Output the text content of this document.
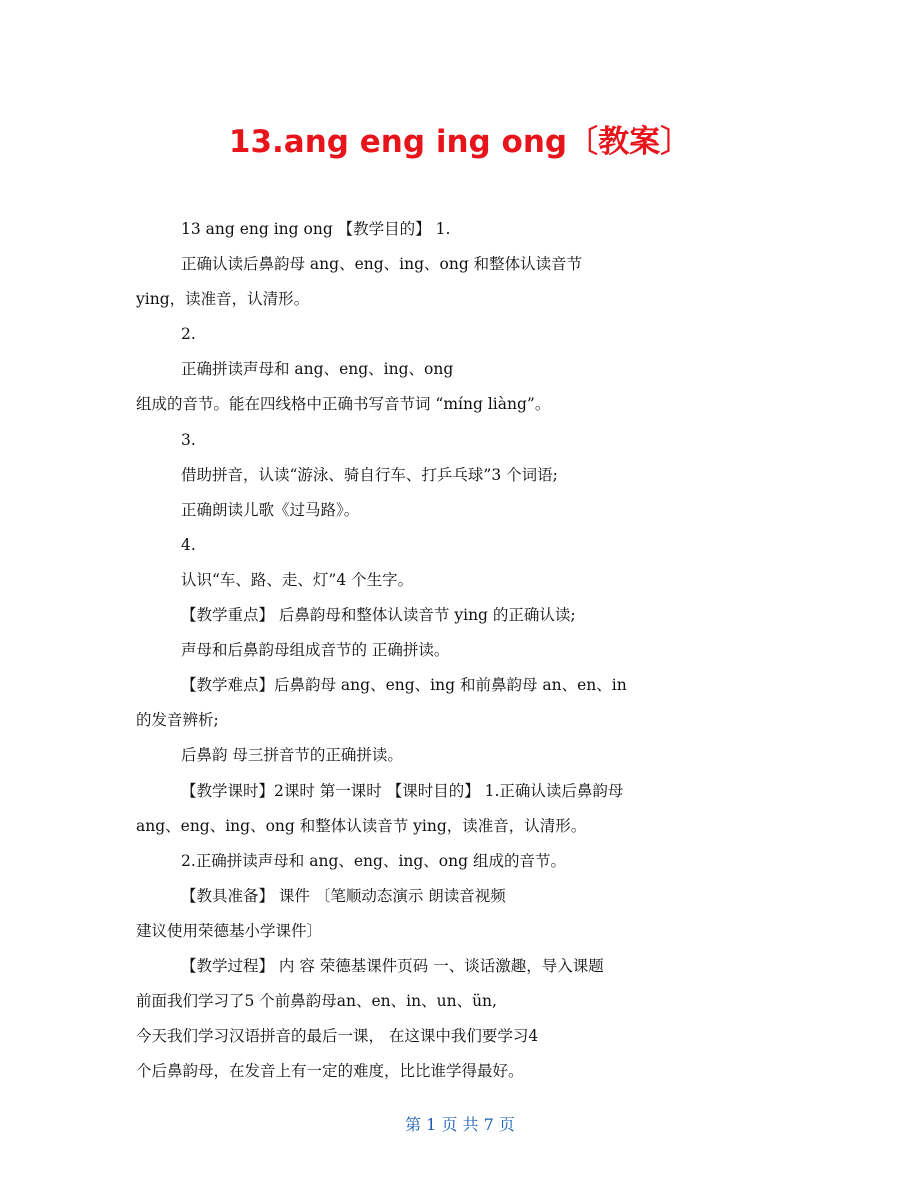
13.ang eng ing ong〔教案〕
13 ang eng ing ong 【教学目的】 1.
正确认读后鼻韵母 ang、eng、ing、ong 和整体认读音节
ying，读准音，认清形。
2.
正确拼读声母和 ang、eng、ing、ong
组成的音节。能在四线格中正确书写音节词 “míng liàng”。
3.
借助拼音，认读“游泳、骑自行车、打乒乓球”3 个词语;
正确朗读儿歌《过马路》。
4.
认识“车、路、走、灯”4 个生字。
【教学重点】 后鼻韵母和整体认读音节 ying 的正确认读;
声母和后鼻韵母组成音节的 正确拼读。
【教学难点】后鼻韵母 ang、eng、ing 和前鼻韵母 an、en、in
的发音辨析;
后鼻韵 母三拼音节的正确拼读。
【教学课时】2课时 第一课时 【课时目的】 1.正确认读后鼻韵母
ang、eng、ing、ong 和整体认读音节 ying，读准音，认清形。
2.正确拼读声母和 ang、eng、ing、ong 组成的音节。
【教具准备】 课件 〔笔顺动态演示 朗读音视频
建议使用荣德基小学课件〕
【教学过程】 内 容 荣德基课件页码 一、谈话激趣，导入课题
前面我们学习了5 个前鼻韵母an、en、in、un、ün,
今天我们学习汉语拼音的最后一课， 在这课中我们要学习4
个后鼻韵母，在发音上有一定的难度，比比谁学得最好。
第 1 页 共 7 页
